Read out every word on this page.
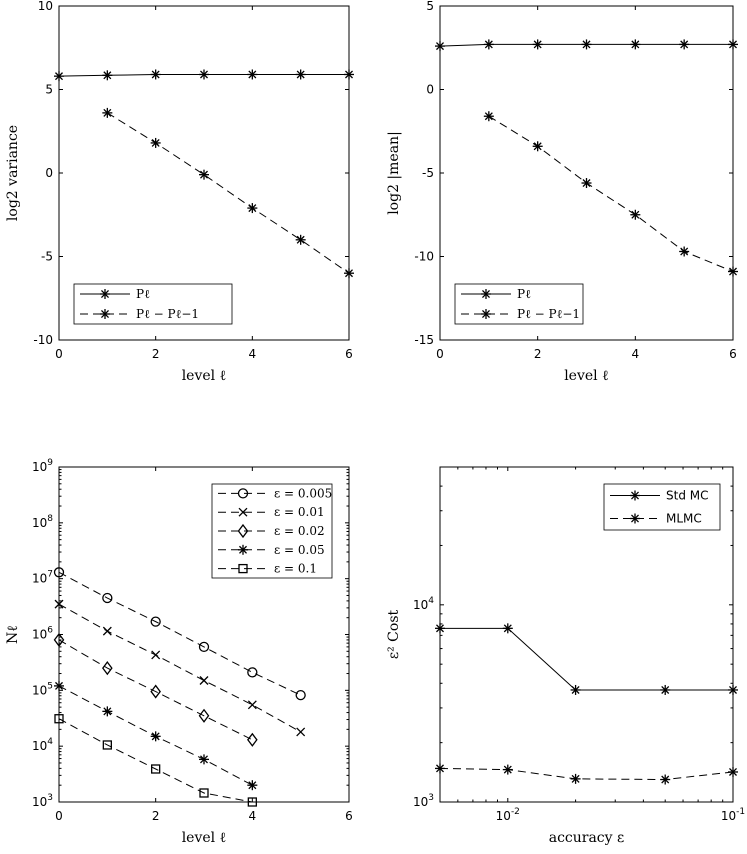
0	2	4	6
10
5
0
-5
-10
level ℓ
log2 variance
Pℓ
Pℓ − Pℓ−1
0	2	4	6
5
0
-5
-10
-15
level ℓ
log2 |mean|
Pℓ
Pℓ − Pℓ−1
0	2	4	6
$10^3$
$10^4$
$10^5$
$10^6$
$10^7$
$10^8$
$10^9$
level ℓ
Nℓ
ε = 0.005
ε = 0.01
ε = 0.02
ε = 0.05
ε = 0.1
$10^{-2}$	$10^{-1}$
$10^3$
$10^4$
accuracy ε
ε² Cost
Std MC
MLMC
